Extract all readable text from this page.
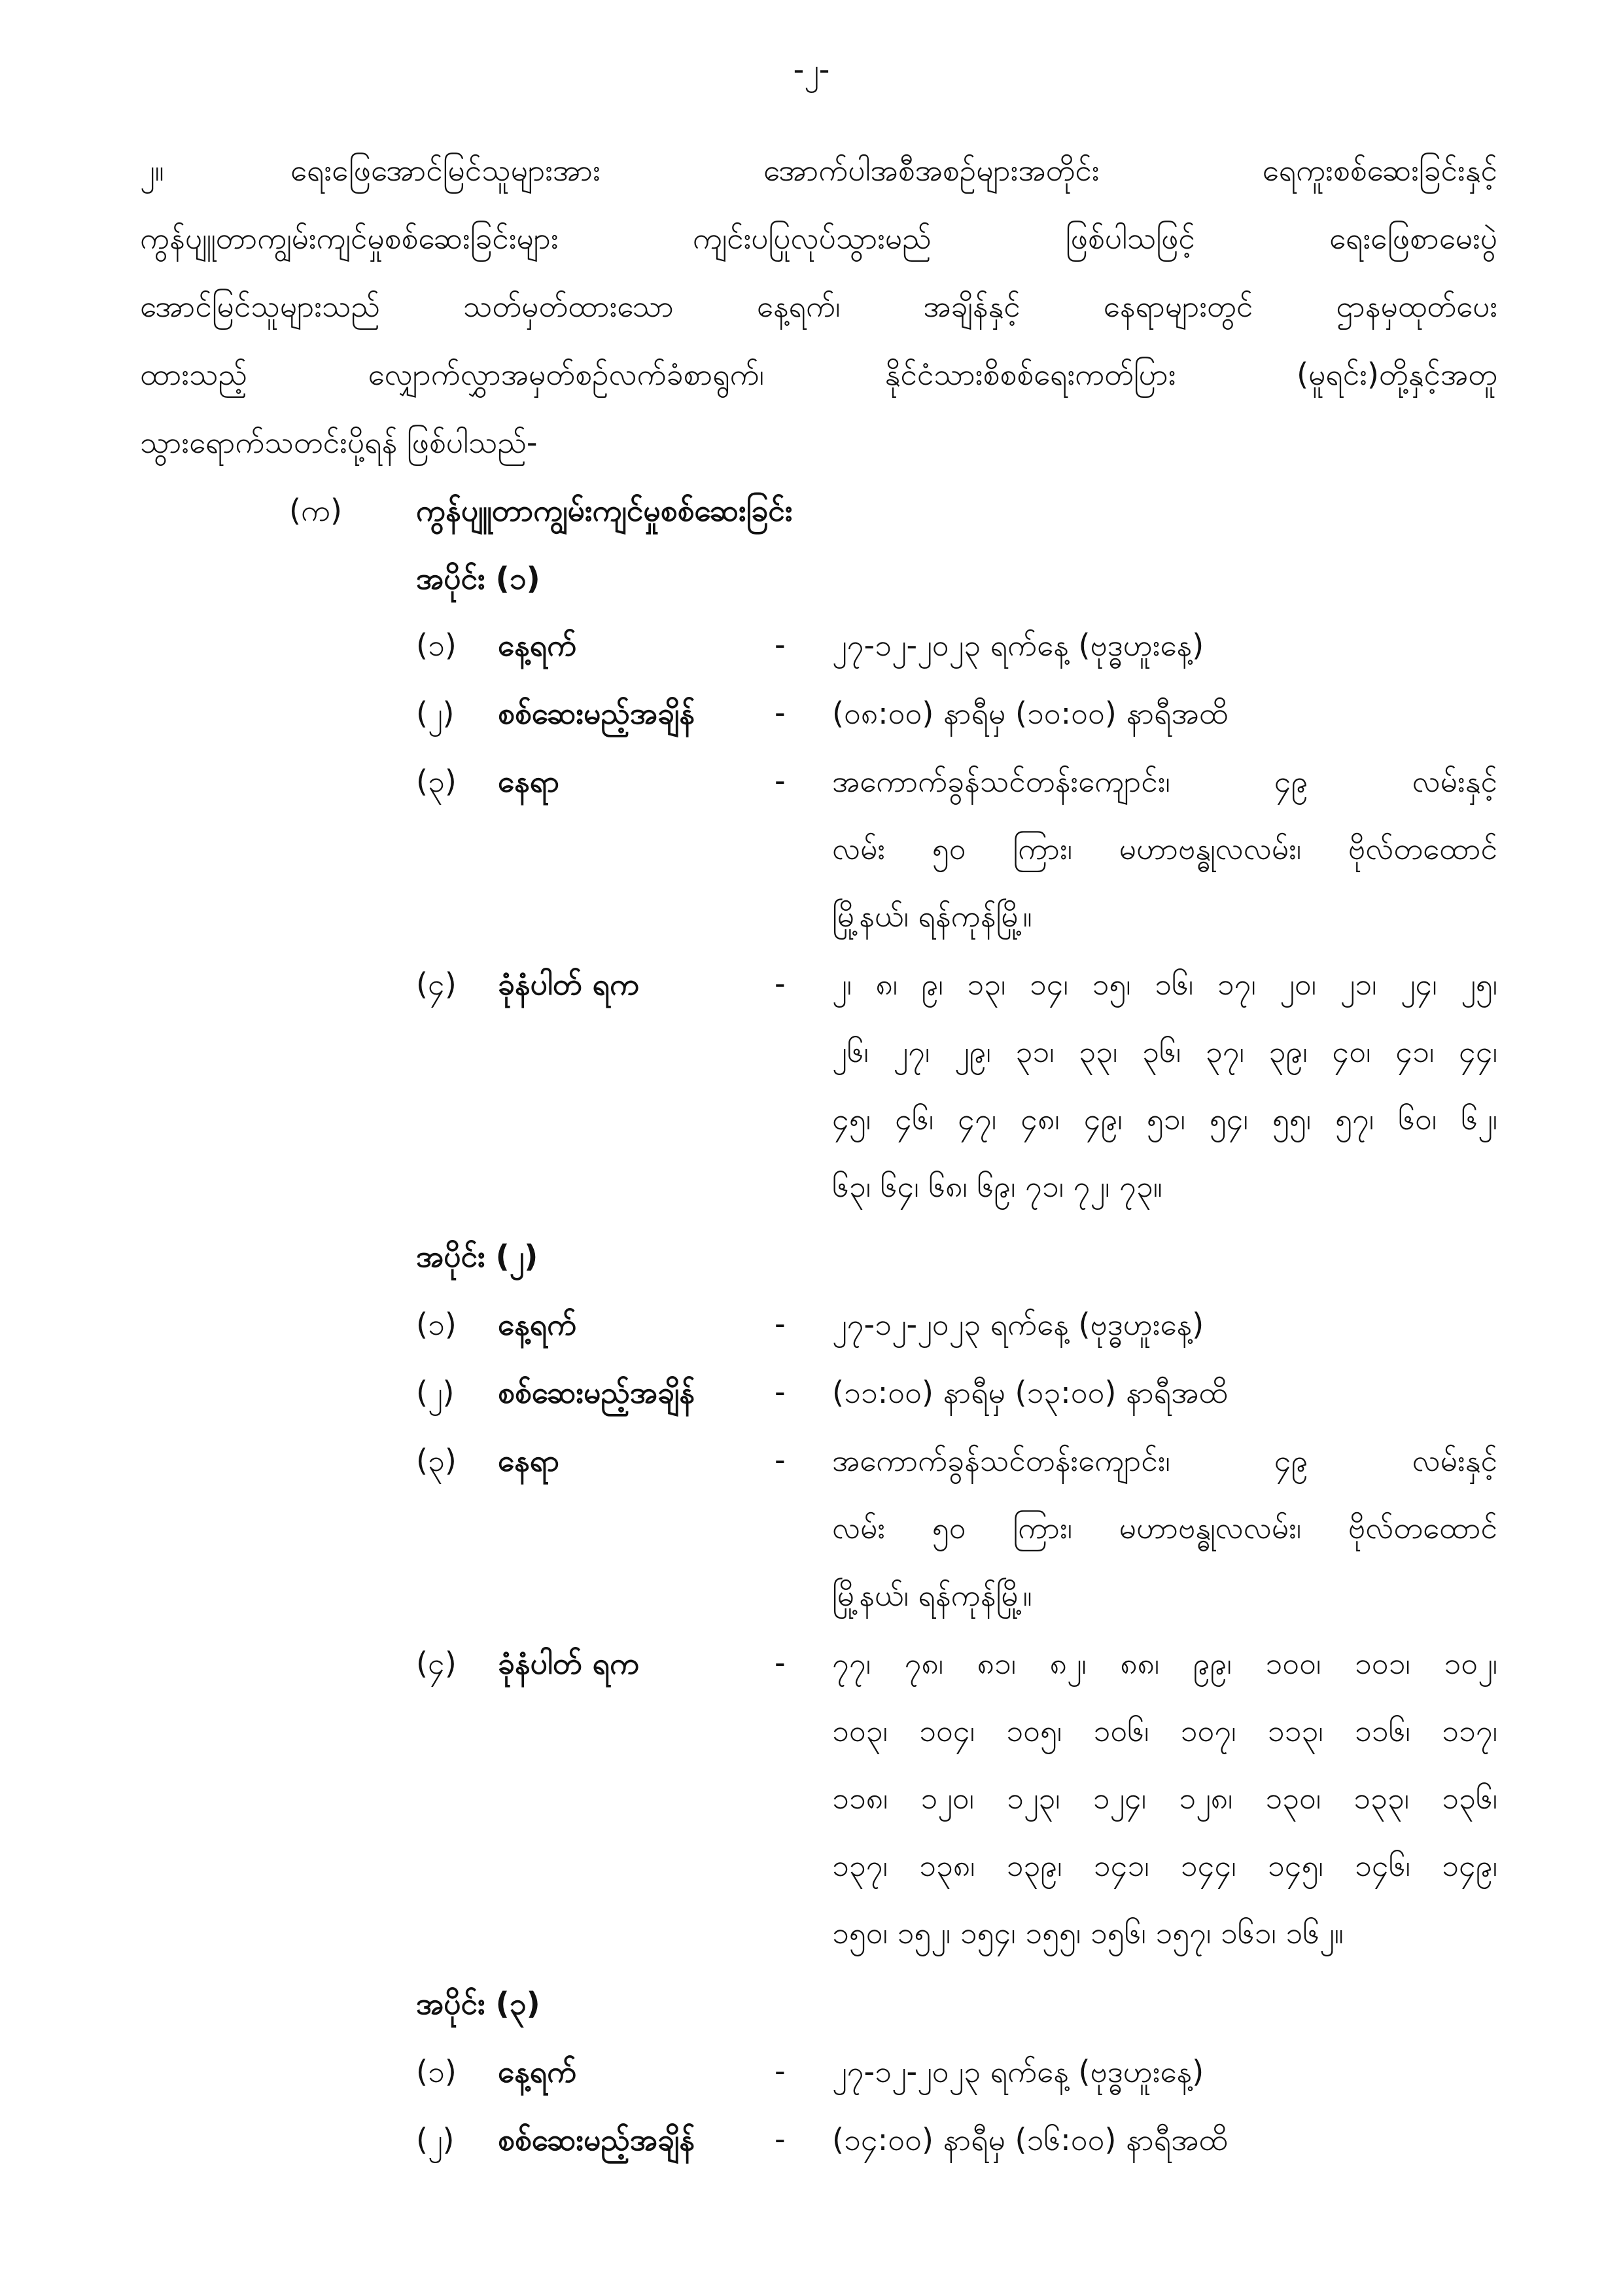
-၂-
၂။	ရေးဖြေအောင်မြင်သူများအား အောက်ပါအစီအစဉ်များအတိုင်း ရေကူးစစ်ဆေးခြင်းနှင့်
ကွန်ပျူတာကျွမ်းကျင်မှုစစ်ဆေးခြင်းများ ကျင်းပပြုလုပ်သွားမည် ဖြစ်ပါသဖြင့် ရေးဖြေစာမေးပွဲ
အောင်မြင်သူများသည် သတ်မှတ်ထားသော နေ့ရက်၊ အချိန်နှင့် နေရာများတွင် ဌာနမှထုတ်ပေး
ထားသည့် လျှောက်လွှာအမှတ်စဉ်လက်ခံစာရွက်၊ နိုင်ငံသားစိစစ်ရေးကတ်ပြား (မူရင်း)တို့နှင့်အတူ
သွားရောက်သတင်းပို့ရန် ဖြစ်ပါသည်-
(က) ကွန်ပျူတာကျွမ်းကျင်မှုစစ်ဆေးခြင်း
အပိုင်း (၁)
(၁) နေ့ရက်	- ၂၇-၁၂-၂၀၂၃ ရက်နေ့ (ဗုဒ္ဓဟူးနေ့)
(၂) စစ်ဆေးမည့်အချိန်	- (၀၈:၀၀) နာရီမှ (၁၀:၀၀) နာရီအထိ
(၃) နေရာ	- အကောက်ခွန်သင်တန်းကျောင်း၊ ၄၉ လမ်းနှင့်
လမ်း ၅၀ ကြား၊ မဟာဗန္ဓုလလမ်း၊ ဗိုလ်တထောင်
မြို့နယ်၊ ရန်ကုန်မြို့။
(၄) ခုံနံပါတ် ရက	- ၂၊ ၈၊ ၉၊ ၁၃၊ ၁၄၊ ၁၅၊ ၁၆၊ ၁၇၊ ၂၀၊ ၂၁၊ ၂၄၊ ၂၅၊
၂၆၊ ၂၇၊ ၂၉၊ ၃၁၊ ၃၃၊ ၃၆၊ ၃၇၊ ၃၉၊ ၄၀၊ ၄၁၊ ၄၄၊
၄၅၊ ၄၆၊ ၄၇၊ ၄၈၊ ၄၉၊ ၅၁၊ ၅၄၊ ၅၅၊ ၅၇၊ ၆၀၊ ၆၂၊
၆၃၊ ၆၄၊ ၆၈၊ ၆၉၊ ၇၁၊ ၇၂၊ ၇၃။
အပိုင်း (၂)
(၁) နေ့ရက်	- ၂၇-၁၂-၂၀၂၃ ရက်နေ့ (ဗုဒ္ဓဟူးနေ့)
(၂) စစ်ဆေးမည့်အချိန်	- (၁၁:၀၀) နာရီမှ (၁၃:၀၀) နာရီအထိ
(၃) နေရာ	- အကောက်ခွန်သင်တန်းကျောင်း၊ ၄၉ လမ်းနှင့်
လမ်း ၅၀ ကြား၊ မဟာဗန္ဓုလလမ်း၊ ဗိုလ်တထောင်
မြို့နယ်၊ ရန်ကုန်မြို့။
(၄) ခုံနံပါတ် ရက	- ၇၇၊ ၇၈၊ ၈၁၊ ၈၂၊ ၈၈၊ ၉၉၊ ၁၀၀၊ ၁၀၁၊ ၁၀၂၊
၁၀၃၊ ၁၀၄၊ ၁၀၅၊ ၁၀၆၊ ၁၀၇၊ ၁၁၃၊ ၁၁၆၊ ၁၁၇၊
၁၁၈၊ ၁၂၀၊ ၁၂၃၊ ၁၂၄၊ ၁၂၈၊ ၁၃၀၊ ၁၃၃၊ ၁၃၆၊
၁၃၇၊ ၁၃၈၊ ၁၃၉၊ ၁၄၁၊ ၁၄၄၊ ၁၄၅၊ ၁၄၆၊ ၁၄၉၊
၁၅၀၊ ၁၅၂၊ ၁၅၄၊ ၁၅၅၊ ၁၅၆၊ ၁၅၇၊ ၁၆၁၊ ၁၆၂။
အပိုင်း (၃)
(၁) နေ့ရက်	- ၂၇-၁၂-၂၀၂၃ ရက်နေ့ (ဗုဒ္ဓဟူးနေ့)
(၂) စစ်ဆေးမည့်အချိန်	- (၁၄:၀၀) နာရီမှ (၁၆:၀၀) နာရီအထိ
